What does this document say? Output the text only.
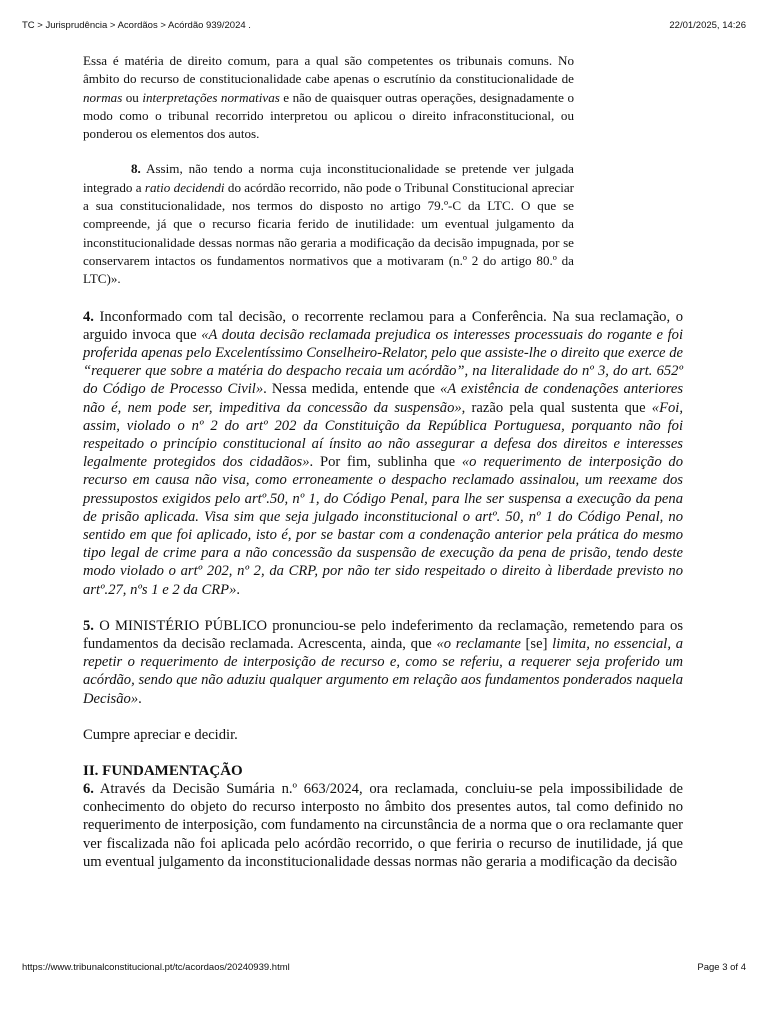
TC > Jurisprudência > Acordãos > Acórdão 939/2024 .	22/01/2025, 14:26

Essa é matéria de direito comum, para a qual são competentes os tribunais comuns. No âmbito do recurso de constitucionalidade cabe apenas o escrutínio da constitucionalidade de normas ou interpretações normativas e não de quaisquer outras operações, designadamente o modo como o tribunal recorrido interpretou ou aplicou o direito infraconstitucional, ou ponderou os elementos dos autos.

8. Assim, não tendo a norma cuja inconstitucionalidade se pretende ver julgada integrado a ratio decidendi do acórdão recorrido, não pode o Tribunal Constitucional apreciar a sua constitucionalidade, nos termos do disposto no artigo 79.º-C da LTC. O que se compreende, já que o recurso ficaria ferido de inutilidade: um eventual julgamento da inconstitucionalidade dessas normas não geraria a modificação da decisão impugnada, por se conservarem intactos os fundamentos normativos que a motivaram (n.º 2 do artigo 80.º da LTC)».

4. Inconformado com tal decisão, o recorrente reclamou para a Conferência. Na sua reclamação, o arguido invoca que «A douta decisão reclamada prejudica os interesses processuais do rogante e foi proferida apenas pelo Excelentíssimo Conselheiro-Relator, pelo que assiste-lhe o direito que exerce de “requerer que sobre a matéria do despacho recaia um acórdão”, na literalidade do nº 3, do art. 652º do Código de Processo Civil». Nessa medida, entende que «A existência de condenações anteriores não é, nem pode ser, impeditiva da concessão da suspensão», razão pela qual sustenta que «Foi, assim, violado o nº 2 do artº 202 da Constituição da República Portuguesa, porquanto não foi respeitado o princípio constitucional aí ínsito ao não assegurar a defesa dos direitos e interesses legalmente protegidos dos cidadãos». Por fim, sublinha que «o requerimento de interposição do recurso em causa não visa, como erroneamente o despacho reclamado assinalou, um reexame dos pressupostos exigidos pelo artº.50, nº 1, do Código Penal, para lhe ser suspensa a execução da pena de prisão aplicada. Visa sim que seja julgado inconstitucional o artº. 50, nº 1 do Código Penal, no sentido em que foi aplicado, isto é, por se bastar com a condenação anterior pela prática do mesmo tipo legal de crime para a não concessão da suspensão de execução da pena de prisão, tendo deste modo violado o artº 202, nº 2, da CRP, por não ter sido respeitado o direito à liberdade previsto no artº.27, nºs 1 e 2 da CRP».

5. O MINISTÉRIO PÚBLICO pronunciou-se pelo indeferimento da reclamação, remetendo para os fundamentos da decisão reclamada. Acrescenta, ainda, que «o reclamante [se] limita, no essencial, a repetir o requerimento de interposição de recurso e, como se referiu, a requerer seja proferido um acórdão, sendo que não aduziu qualquer argumento em relação aos fundamentos ponderados naquela Decisão».

Cumpre apreciar e decidir.

II. FUNDAMENTAÇÃO

6. Através da Decisão Sumária n.º 663/2024, ora reclamada, concluiu-se pela impossibilidade de conhecimento do objeto do recurso interposto no âmbito dos presentes autos, tal como definido no requerimento de interposição, com fundamento na circunstância de a norma que o ora reclamante quer ver fiscalizada não foi aplicada pelo acórdão recorrido, o que feriria o recurso de inutilidade, já que um eventual julgamento da inconstitucionalidade dessas normas não geraria a modificação da decisão

https://www.tribunalconstitucional.pt/tc/acordaos/20240939.html	Page 3 of 4
